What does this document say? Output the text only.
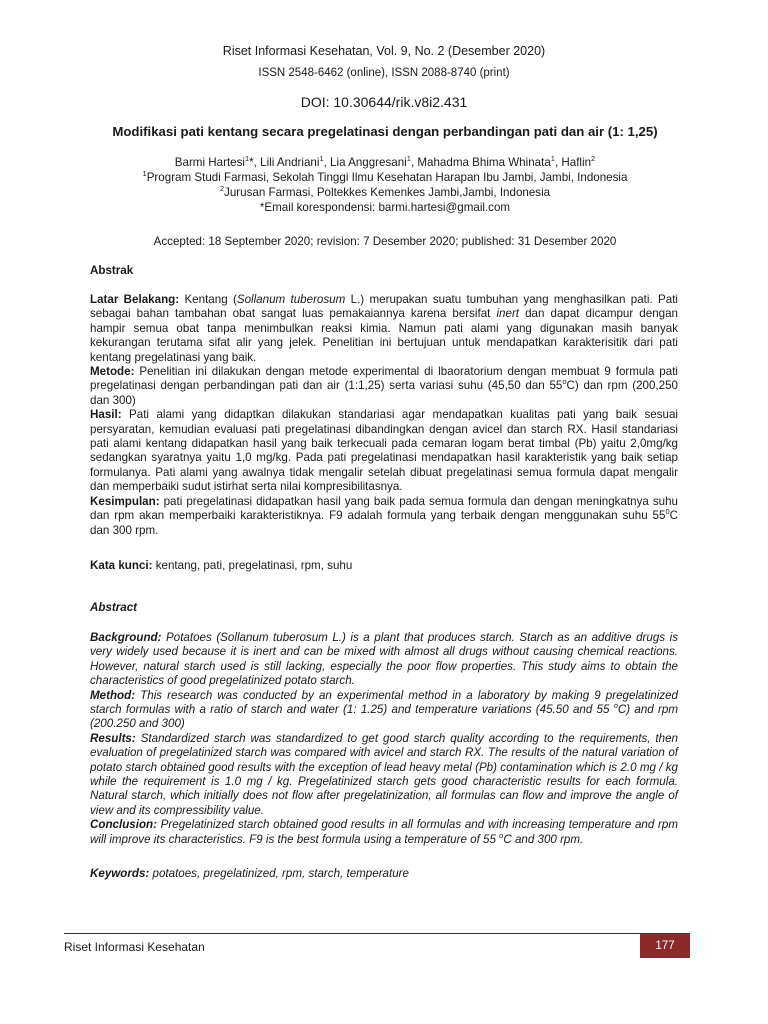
Riset Informasi Kesehatan, Vol. 9, No. 2 (Desember 2020)
ISSN 2548-6462 (online), ISSN 2088-8740 (print)
DOI: 10.30644/rik.v8i2.431
Modifikasi pati kentang secara pregelatinasi dengan perbandingan pati dan air (1: 1,25)
Barmi Hartesi$^1$*, Lili Andriani$^1$, Lia Anggresani$^1$, Mahadma Bhima Whinata$^1$, Haflin$^2$
$^1$Program Studi Farmasi, Sekolah Tinggi Ilmu Kesehatan Harapan Ibu Jambi, Jambi, Indonesia
$^2$Jurusan Farmasi, Poltekkes Kemenkes Jambi,Jambi, Indonesia
*Email korespondensi: barmi.hartesi@gmail.com
Accepted: 18 September 2020; revision: 7 Desember 2020; published: 31 Desember 2020
Abstrak
Latar Belakang: Kentang (Sollanum tuberosum L.) merupakan suatu tumbuhan yang menghasilkan pati. Pati sebagai bahan tambahan obat sangat luas pemakaiannya karena bersifat inert dan dapat dicampur dengan hampir semua obat tanpa menimbulkan reaksi kimia. Namun pati alami yang digunakan masih banyak kekurangan terutama sifat alir yang jelek. Penelitian ini bertujuan untuk mendapatkan karakterisitik dari pati kentang pregelatinasi yang baik.
Metode: Penelitian ini dilakukan dengan metode experimental di lbaoratorium dengan membuat 9 formula pati pregelatinasi dengan perbandingan pati dan air (1:1,25) serta variasi suhu (45,50 dan 55$^o$C) dan rpm (200,250 dan 300)
Hasil: Pati alami yang didaptkan dilakukan standariasi agar mendapatkan kualitas pati yang baik sesuai persyaratan, kemudian evaluasi pati pregelatinasi dibandingkan dengan avicel dan starch RX. Hasil standariasi pati alami kentang didapatkan hasil yang baik terkecuali pada cemaran logam berat timbal (Pb) yaitu 2,0mg/kg sedangkan syaratnya yaitu 1,0 mg/kg. Pada pati pregelatinasi mendapatkan hasil karakteristik yang baik setiap formulanya. Pati alami yang awalnya tidak mengalir setelah dibuat pregelatinasi semua formula dapat mengalir dan memperbaiki sudut istirhat serta nilai kompresibilitasnya.
Kesimpulan: pati pregelatinasi didapatkan hasil yang baik pada semua formula dan dengan meningkatnya suhu dan rpm akan memperbaiki karakteristiknya. F9 adalah formula yang terbaik dengan menggunakan suhu $55^0C$ dan 300 rpm.
Kata kunci: kentang, pati, pregelatinasi, rpm, suhu
Abstract
Background: Potatoes (Sollanum tuberosum L.) is a plant that produces starch. Starch as an additive drugs is very widely used because it is inert and can be mixed with almost all drugs without causing chemical reactions. However, natural starch used is still lacking, especially the poor flow properties. This study aims to obtain the characteristics of good pregelatinized potato starch.
Method: This research was conducted by an experimental method in a laboratory by making 9 pregelatinized starch formulas with a ratio of starch and water (1: 1.25) and temperature variations (45.50 and 55 $^o$C) and rpm (200.250 and 300)
Results: Standardized starch was standardized to get good starch quality according to the requirements, then evaluation of pregelatinized starch was compared with avicel and starch RX. The results of the natural variation of potato starch obtained good results with the exception of lead heavy metal (Pb) contamination which is 2.0 mg / kg while the requirement is 1.0 mg / kg. Pregelatinized starch gets good characteristic results for each formula. Natural starch, which initially does not flow after pregelatinization, all formulas can flow and improve the angle of view and its compressibility value.
Conclusion: Pregelatinized starch obtained good results in all formulas and with increasing temperature and rpm will improve its characteristics. F9 is the best formula using a temperature of 55 $^o$C and 300 rpm.
Keywords: potatoes, pregelatinized, rpm, starch, temperature
Riset Informasi Kesehatan	177
